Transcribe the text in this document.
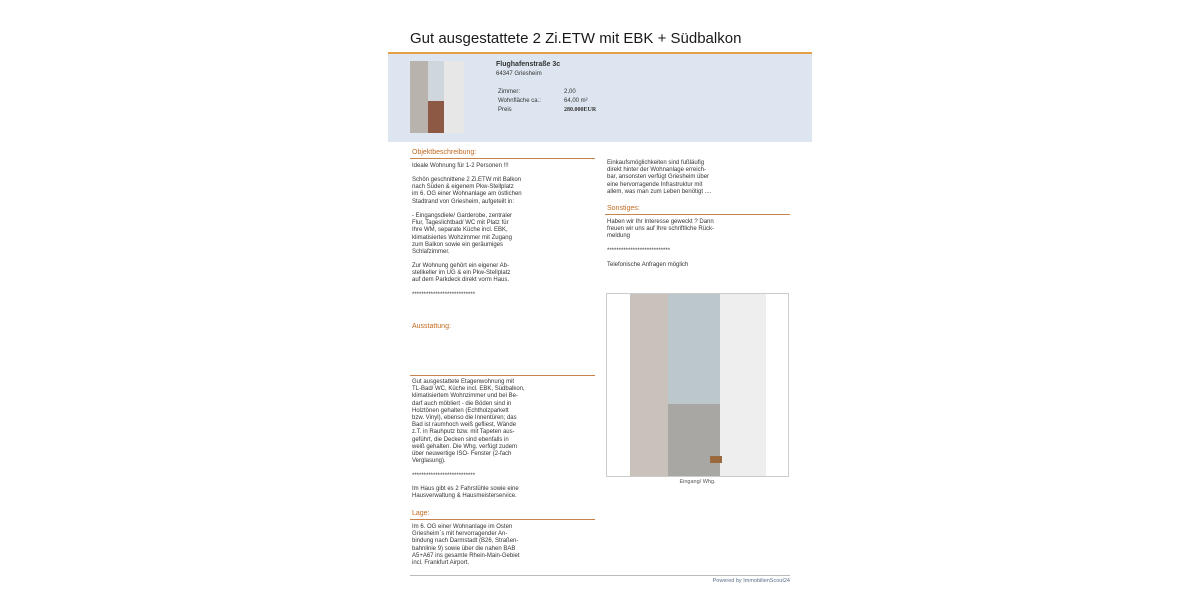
Gut ausgestattete 2 Zi.ETW mit EBK + Südbalkon
Flughafenstraße 3c
64347 Griesheim
Zimmer:	2,00
Wohnfläche ca.:	64,00 m²
Preis	280.000EUR
Objektbeschreibung:
Ideale Wohnung für 1-2 Personen !!!
Schön geschnittene 2 Zi.ETW mit Balkon
nach Süden & eigenem Pkw-Stellplatz
im 6. OG einer Wohnanlage am östlichen
Stadtrand von Griesheim, aufgeteilt in:
- Eingangsdiele/ Garderobe, zentraler
Flur, Tageslichtbad/ WC mit Platz für
Ihre WM, separate Küche incl. EBK,
klimatisiertes Wohzimmer mit Zugang
zum Balkon sowie ein geräumiges
Schlafzimmer.
Zur Wohnung gehört ein eigener Ab-
stellkeller im UG & ein Pkw-Stellplatz
auf dem Parkdeck direkt vorm Haus.
***************************
Ausstattung:
Gut ausgestattete Etagenwohnung mit
TL-Bad/ WC, Küche incl. EBK, Südbalkon,
klimatisiertem Wohnzimmer und bei Be-
darf auch möbliert - die Böden sind in
Holztönen gehalten (Echtholzparkett
bzw. Vinyl), ebenso die Innentüren; das
Bad ist raumhoch weiß gefliest, Wände
z.T. in Rauhputz bzw. mit Tapeten aus-
geführt, die Decken sind ebenfalls in
weiß gehalten. Die Whg. verfügt zudem
über neuwertige ISO- Fenster (2-fach
Verglasung).
***************************
Im Haus gibt es 2 Fahrstühle sowie eine
Hausverwaltung & Hausmeisterservice.
Lage:
Im 6. OG einer Wohnanlage im Osten
Griesheim`s mit hervorragender An-
bindung nach Darmstadt (B26, Straßen-
bahnlinie 9) sowie über die nahen BAB
A5+A67 ins gesamte Rhein-Main-Gebiet
incl. Frankfurt Airport.
Einkaufsmöglichkeiten sind fußläufig
direkt hinter der Wohnanlage erreich-
bar, ansonsten verfügt Griesheim über
eine hervorragende Infrastruktur mit
allem, was man zum Leben benötigt ....
Sonstiges:
Haben wir Ihr Interesse geweckt ? Dann
freuen wir uns auf Ihre schriftliche Rück-
meldung
***************************
Telefonische Anfragen möglich
Eingang/ Whg.
Powered by ImmobilienScout24
